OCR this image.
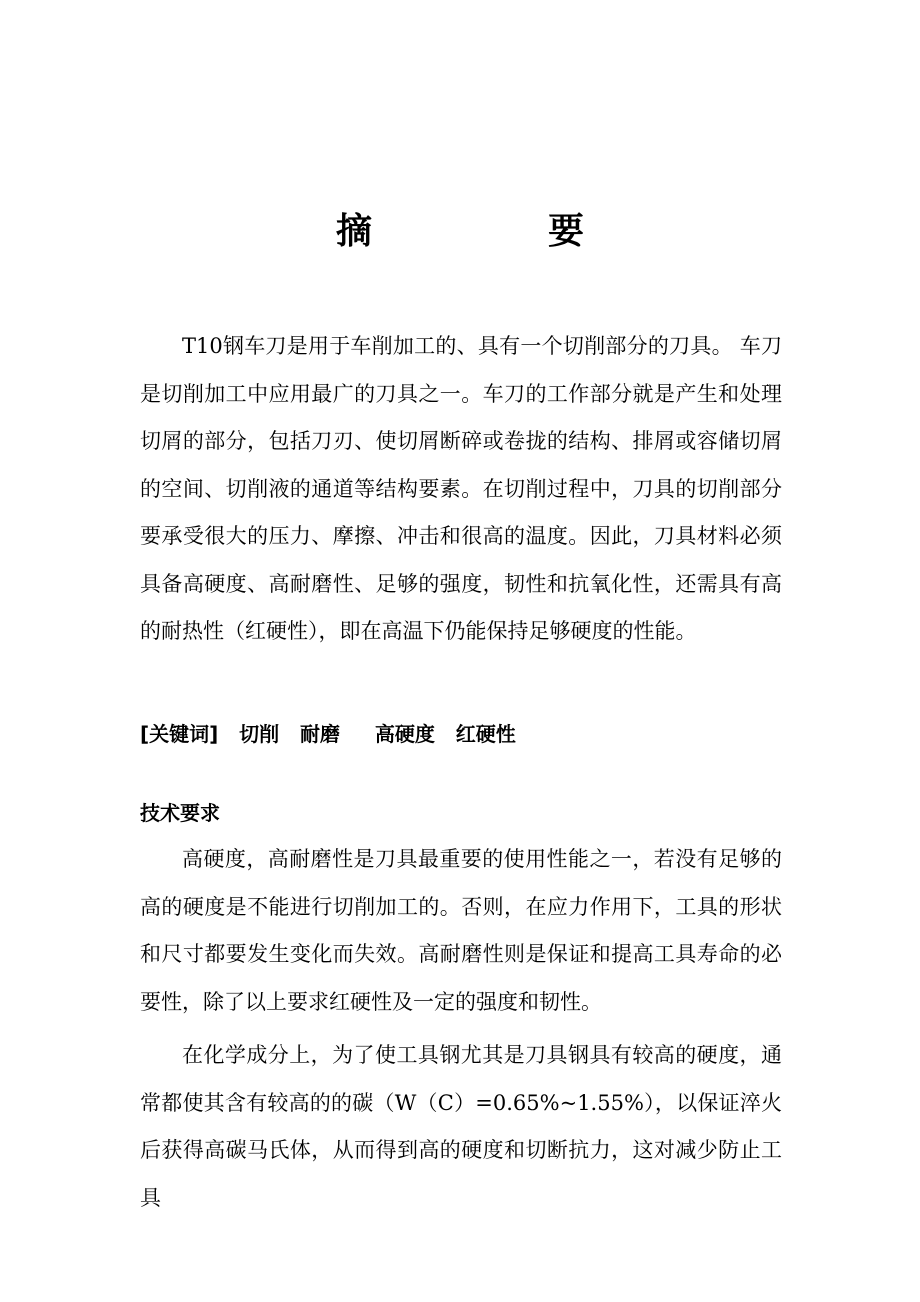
摘　要

T10钢车刀是用于车削加工的、具有一个切削部分的刀具。 车刀是切削加工中应用最广的刀具之一。车刀的工作部分就是产生和处理切屑的部分，包括刀刃、使切屑断碎或卷拢的结构、排屑或容储切屑的空间、切削液的通道等结构要素。在切削过程中，刀具的切削部分要承受很大的压力、摩擦、冲击和很高的温度。因此，刀具材料必须具备高硬度、高耐磨性、足够的强度，韧性和抗氧化性，还需具有高的耐热性（红硬性），即在高温下仍能保持足够硬度的性能。

[关键词]   切削   耐磨     高硬度   红硬性
技术要求

高硬度，高耐磨性是刀具最重要的使用性能之一，若没有足够的高的硬度是不能进行切削加工的。否则，在应力作用下，工具的形状和尺寸都要发生变化而失效。高耐磨性则是保证和提高工具寿命的必要性，除了以上要求红硬性及一定的强度和韧性。

在化学成分上，为了使工具钢尤其是刀具钢具有较高的硬度，通常都使其含有较高的的碳（W（C）=0.65%~1.55%），以保证淬火后获得高碳马氏体，从而得到高的硬度和切断抗力，这对减少防止工具
